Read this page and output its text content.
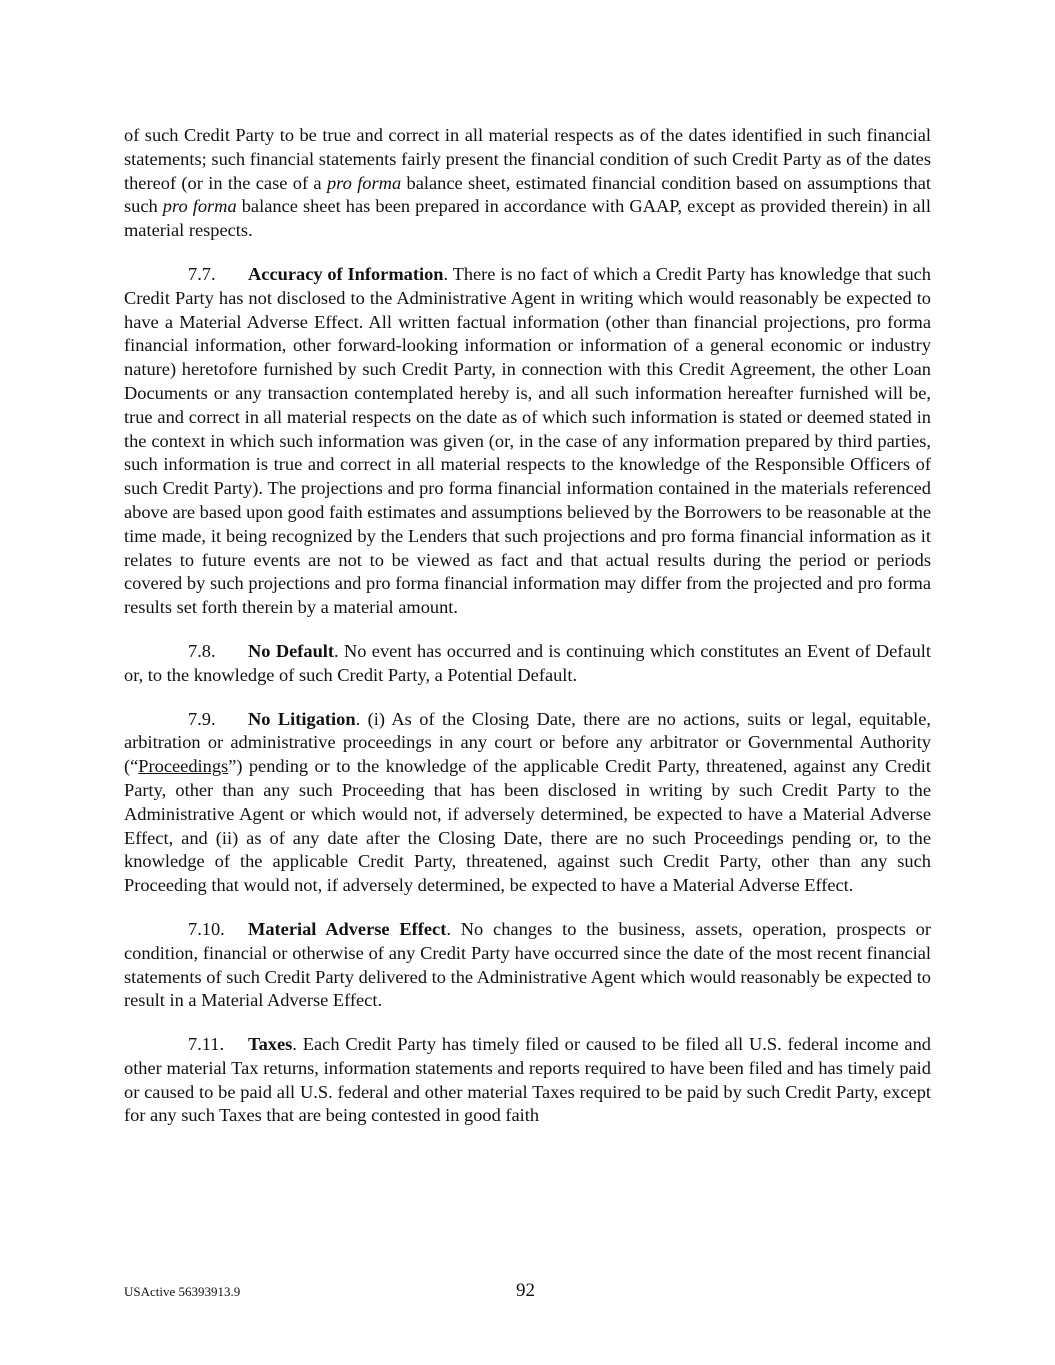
of such Credit Party to be true and correct in all material respects as of the dates identified in such financial statements; such financial statements fairly present the financial condition of such Credit Party as of the dates thereof (or in the case of a pro forma balance sheet, estimated financial condition based on assumptions that such pro forma balance sheet has been prepared in accordance with GAAP, except as provided therein) in all material respects.

7.7. Accuracy of Information. There is no fact of which a Credit Party has knowledge that such Credit Party has not disclosed to the Administrative Agent in writing which would reasonably be expected to have a Material Adverse Effect. All written factual information (other than financial projections, pro forma financial information, other forward-looking information or information of a general economic or industry nature) heretofore furnished by such Credit Party, in connection with this Credit Agreement, the other Loan Documents or any transaction contemplated hereby is, and all such information hereafter furnished will be, true and correct in all material respects on the date as of which such information is stated or deemed stated in the context in which such information was given (or, in the case of any information prepared by third parties, such information is true and correct in all material respects to the knowledge of the Responsible Officers of such Credit Party). The projections and pro forma financial information contained in the materials referenced above are based upon good faith estimates and assumptions believed by the Borrowers to be reasonable at the time made, it being recognized by the Lenders that such projections and pro forma financial information as it relates to future events are not to be viewed as fact and that actual results during the period or periods covered by such projections and pro forma financial information may differ from the projected and pro forma results set forth therein by a material amount.

7.8. No Default. No event has occurred and is continuing which constitutes an Event of Default or, to the knowledge of such Credit Party, a Potential Default.

7.9. No Litigation. (i) As of the Closing Date, there are no actions, suits or legal, equitable, arbitration or administrative proceedings in any court or before any arbitrator or Governmental Authority (“Proceedings”) pending or to the knowledge of the applicable Credit Party, threatened, against any Credit Party, other than any such Proceeding that has been disclosed in writing by such Credit Party to the Administrative Agent or which would not, if adversely determined, be expected to have a Material Adverse Effect, and (ii) as of any date after the Closing Date, there are no such Proceedings pending or, to the knowledge of the applicable Credit Party, threatened, against such Credit Party, other than any such Proceeding that would not, if adversely determined, be expected to have a Material Adverse Effect.

7.10. Material Adverse Effect. No changes to the business, assets, operation, prospects or condition, financial or otherwise of any Credit Party have occurred since the date of the most recent financial statements of such Credit Party delivered to the Administrative Agent which would reasonably be expected to result in a Material Adverse Effect.

7.11. Taxes. Each Credit Party has timely filed or caused to be filed all U.S. federal income and other material Tax returns, information statements and reports required to have been filed and has timely paid or caused to be paid all U.S. federal and other material Taxes required to be paid by such Credit Party, except for any such Taxes that are being contested in good faith

USActive 56393913.9	92
